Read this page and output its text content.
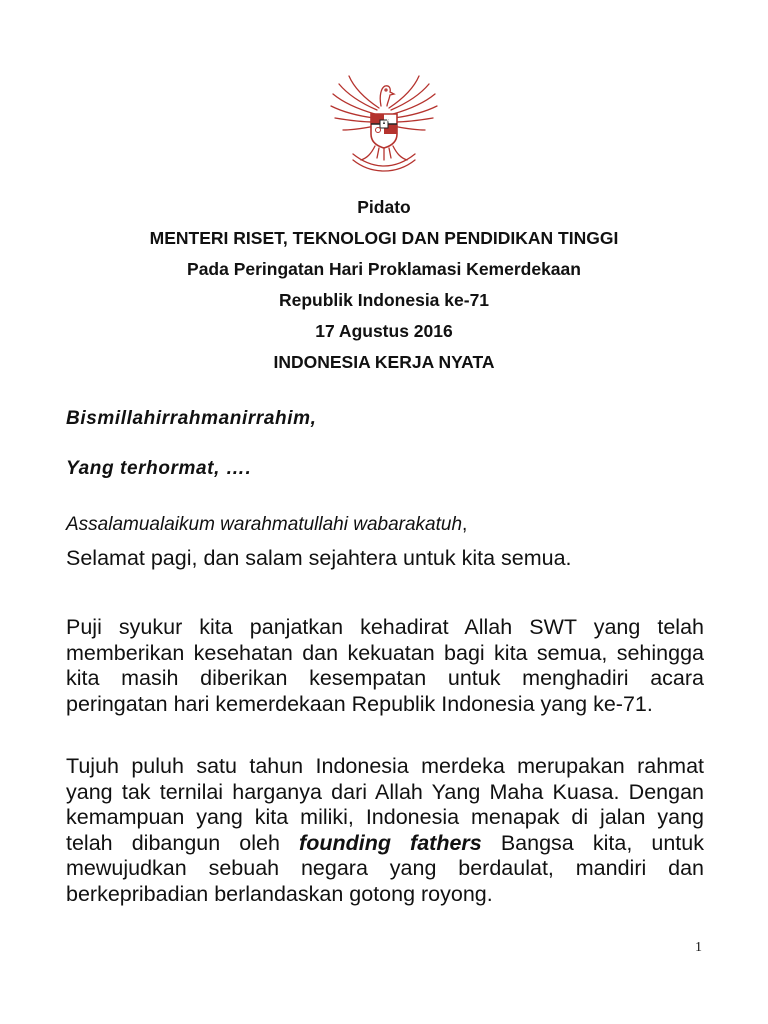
Pidato
MENTERI RISET, TEKNOLOGI DAN PENDIDIKAN TINGGI
Pada Peringatan Hari Proklamasi Kemerdekaan
Republik Indonesia ke-71
17 Agustus 2016
INDONESIA KERJA NYATA
Bismillahirrahmanirrahim,
Yang terhormat, ….
Assalamualaikum warahmatullahi wabarakatuh,
Selamat pagi, dan salam sejahtera untuk kita semua.

Puji syukur kita panjatkan kehadirat Allah SWT yang telah memberikan kesehatan dan kekuatan bagi kita semua, sehingga kita masih diberikan kesempatan untuk menghadiri acara peringatan hari kemerdekaan Republik Indonesia yang ke-71.

Tujuh puluh satu tahun Indonesia merdeka merupakan rahmat yang tak ternilai harganya dari Allah Yang Maha Kuasa. Dengan kemampuan yang kita miliki, Indonesia menapak di jalan yang telah dibangun oleh founding fathers Bangsa kita, untuk mewujudkan sebuah negara yang berdaulat, mandiri dan berkepribadian berlandaskan gotong royong.

1
